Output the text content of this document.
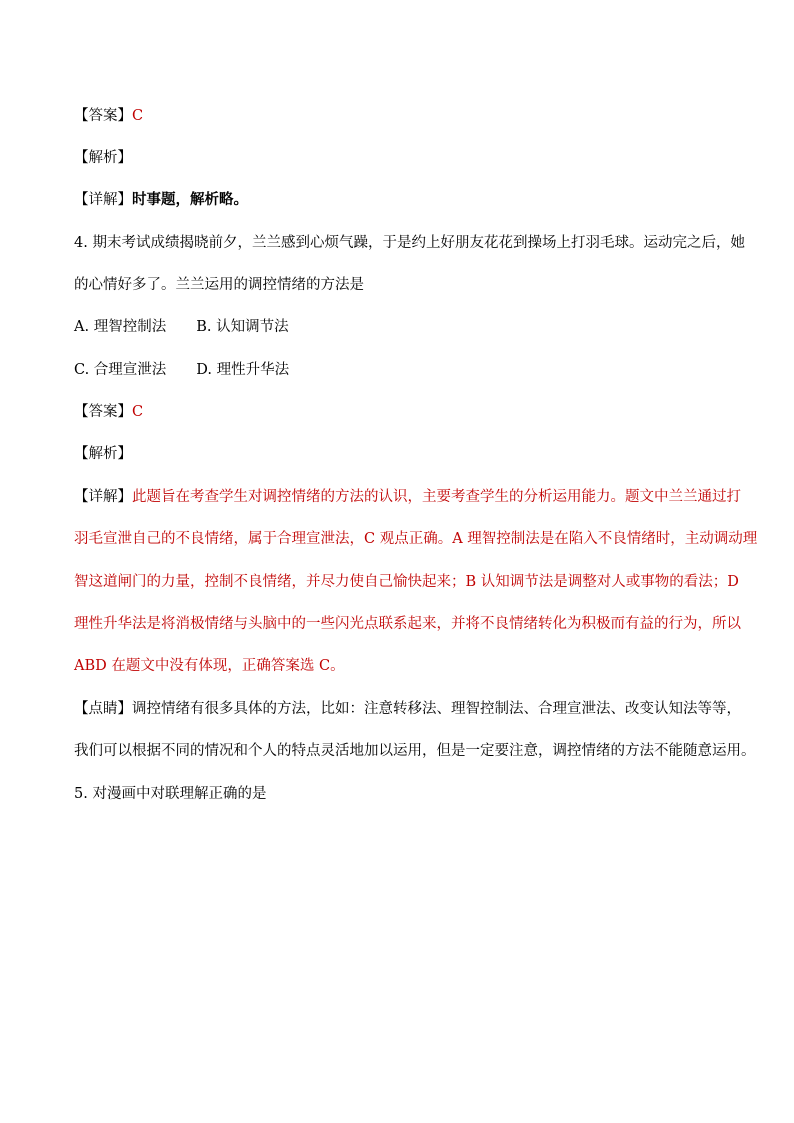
【答案】C
【解析】
【详解】时事题，解析略。
4. 期末考试成绩揭晓前夕，兰兰感到心烦气躁，于是约上好朋友花花到操场上打羽毛球。运动完之后，她
的心情好多了。兰兰运用的调控情绪的方法是
A. 理智控制法 B. 认知调节法
C. 合理宣泄法 D. 理性升华法
【答案】C
【解析】
【详解】此题旨在考查学生对调控情绪的方法的认识，主要考查学生的分析运用能力。题文中兰兰通过打
羽毛宣泄自己的不良情绪，属于合理宣泄法，C 观点正确。A 理智控制法是在陷入不良情绪时，主动调动理
智这道闸门的力量，控制不良情绪，并尽力使自己愉快起来；B 认知调节法是调整对人或事物的看法；D
理性升华法是将消极情绪与头脑中的一些闪光点联系起来，并将不良情绪转化为积极而有益的行为，所以
ABD 在题文中没有体现，正确答案选 C。
【点睛】调控情绪有很多具体的方法，比如：注意转移法、理智控制法、合理宣泄法、改变认知法等等，
我们可以根据不同的情况和个人的特点灵活地加以运用，但是一定要注意，调控情绪的方法不能随意运用。
5. 对漫画中对联理解正确的是
